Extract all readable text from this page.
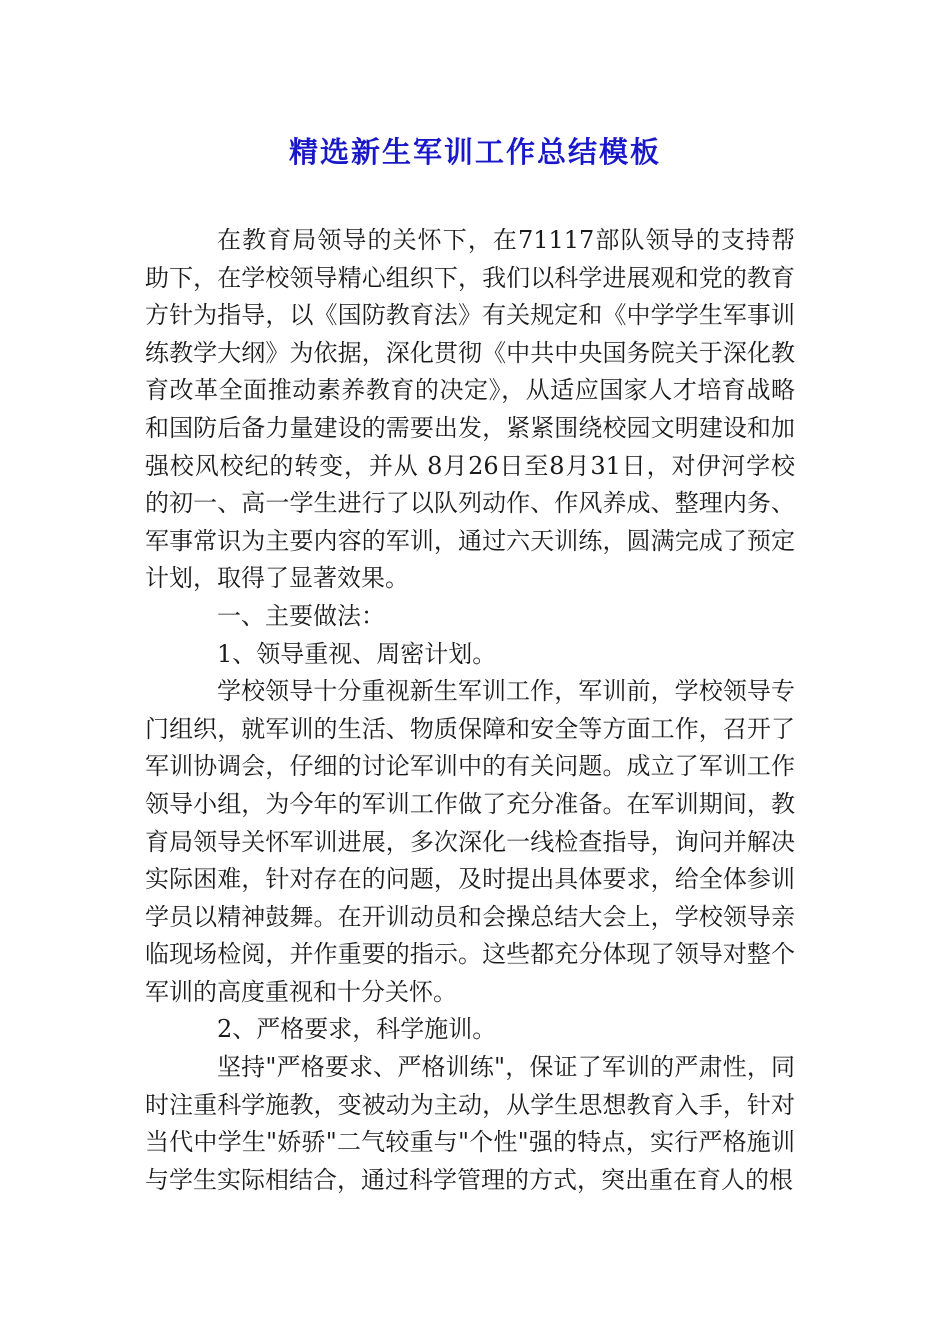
精选新生军训工作总结模板

在教育局领导的关怀下，在71117部队领导的支持帮助下，在学校领导精心组织下，我们以科学进展观和党的教育方针为指导，以《国防教育法》有关规定和《中学学生军事训练教学大纲》为依据，深化贯彻《中共中央国务院关于深化教育改革全面推动素养教育的决定》，从适应国家人才培育战略和国防后备力量建设的需要出发，紧紧围绕校园文明建设和加强校风校纪的转变，并从 8月26日至8月31日，对伊河学校的初一、高一学生进行了以队列动作、作风养成、整理内务、军事常识为主要内容的军训，通过六天训练，圆满完成了预定计划，取得了显著效果。

一、主要做法：

1、领导重视、周密计划。

学校领导十分重视新生军训工作，军训前，学校领导专门组织，就军训的生活、物质保障和安全等方面工作，召开了军训协调会，仔细的讨论军训中的有关问题。成立了军训工作领导小组，为今年的军训工作做了充分准备。在军训期间，教育局领导关怀军训进展，多次深化一线检查指导，询问并解决实际困难，针对存在的问题，及时提出具体要求，给全体参训学员以精神鼓舞。在开训动员和会操总结大会上，学校领导亲临现场检阅，并作重要的指示。这些都充分体现了领导对整个军训的高度重视和十分关怀。

2、严格要求，科学施训。

坚持"严格要求、严格训练"，保证了军训的严肃性，同时注重科学施教，变被动为主动，从学生思想教育入手，针对当代中学生"娇骄"二气较重与"个性"强的特点，实行严格施训与学生实际相结合，通过科学管理的方式，突出重在育人的根
